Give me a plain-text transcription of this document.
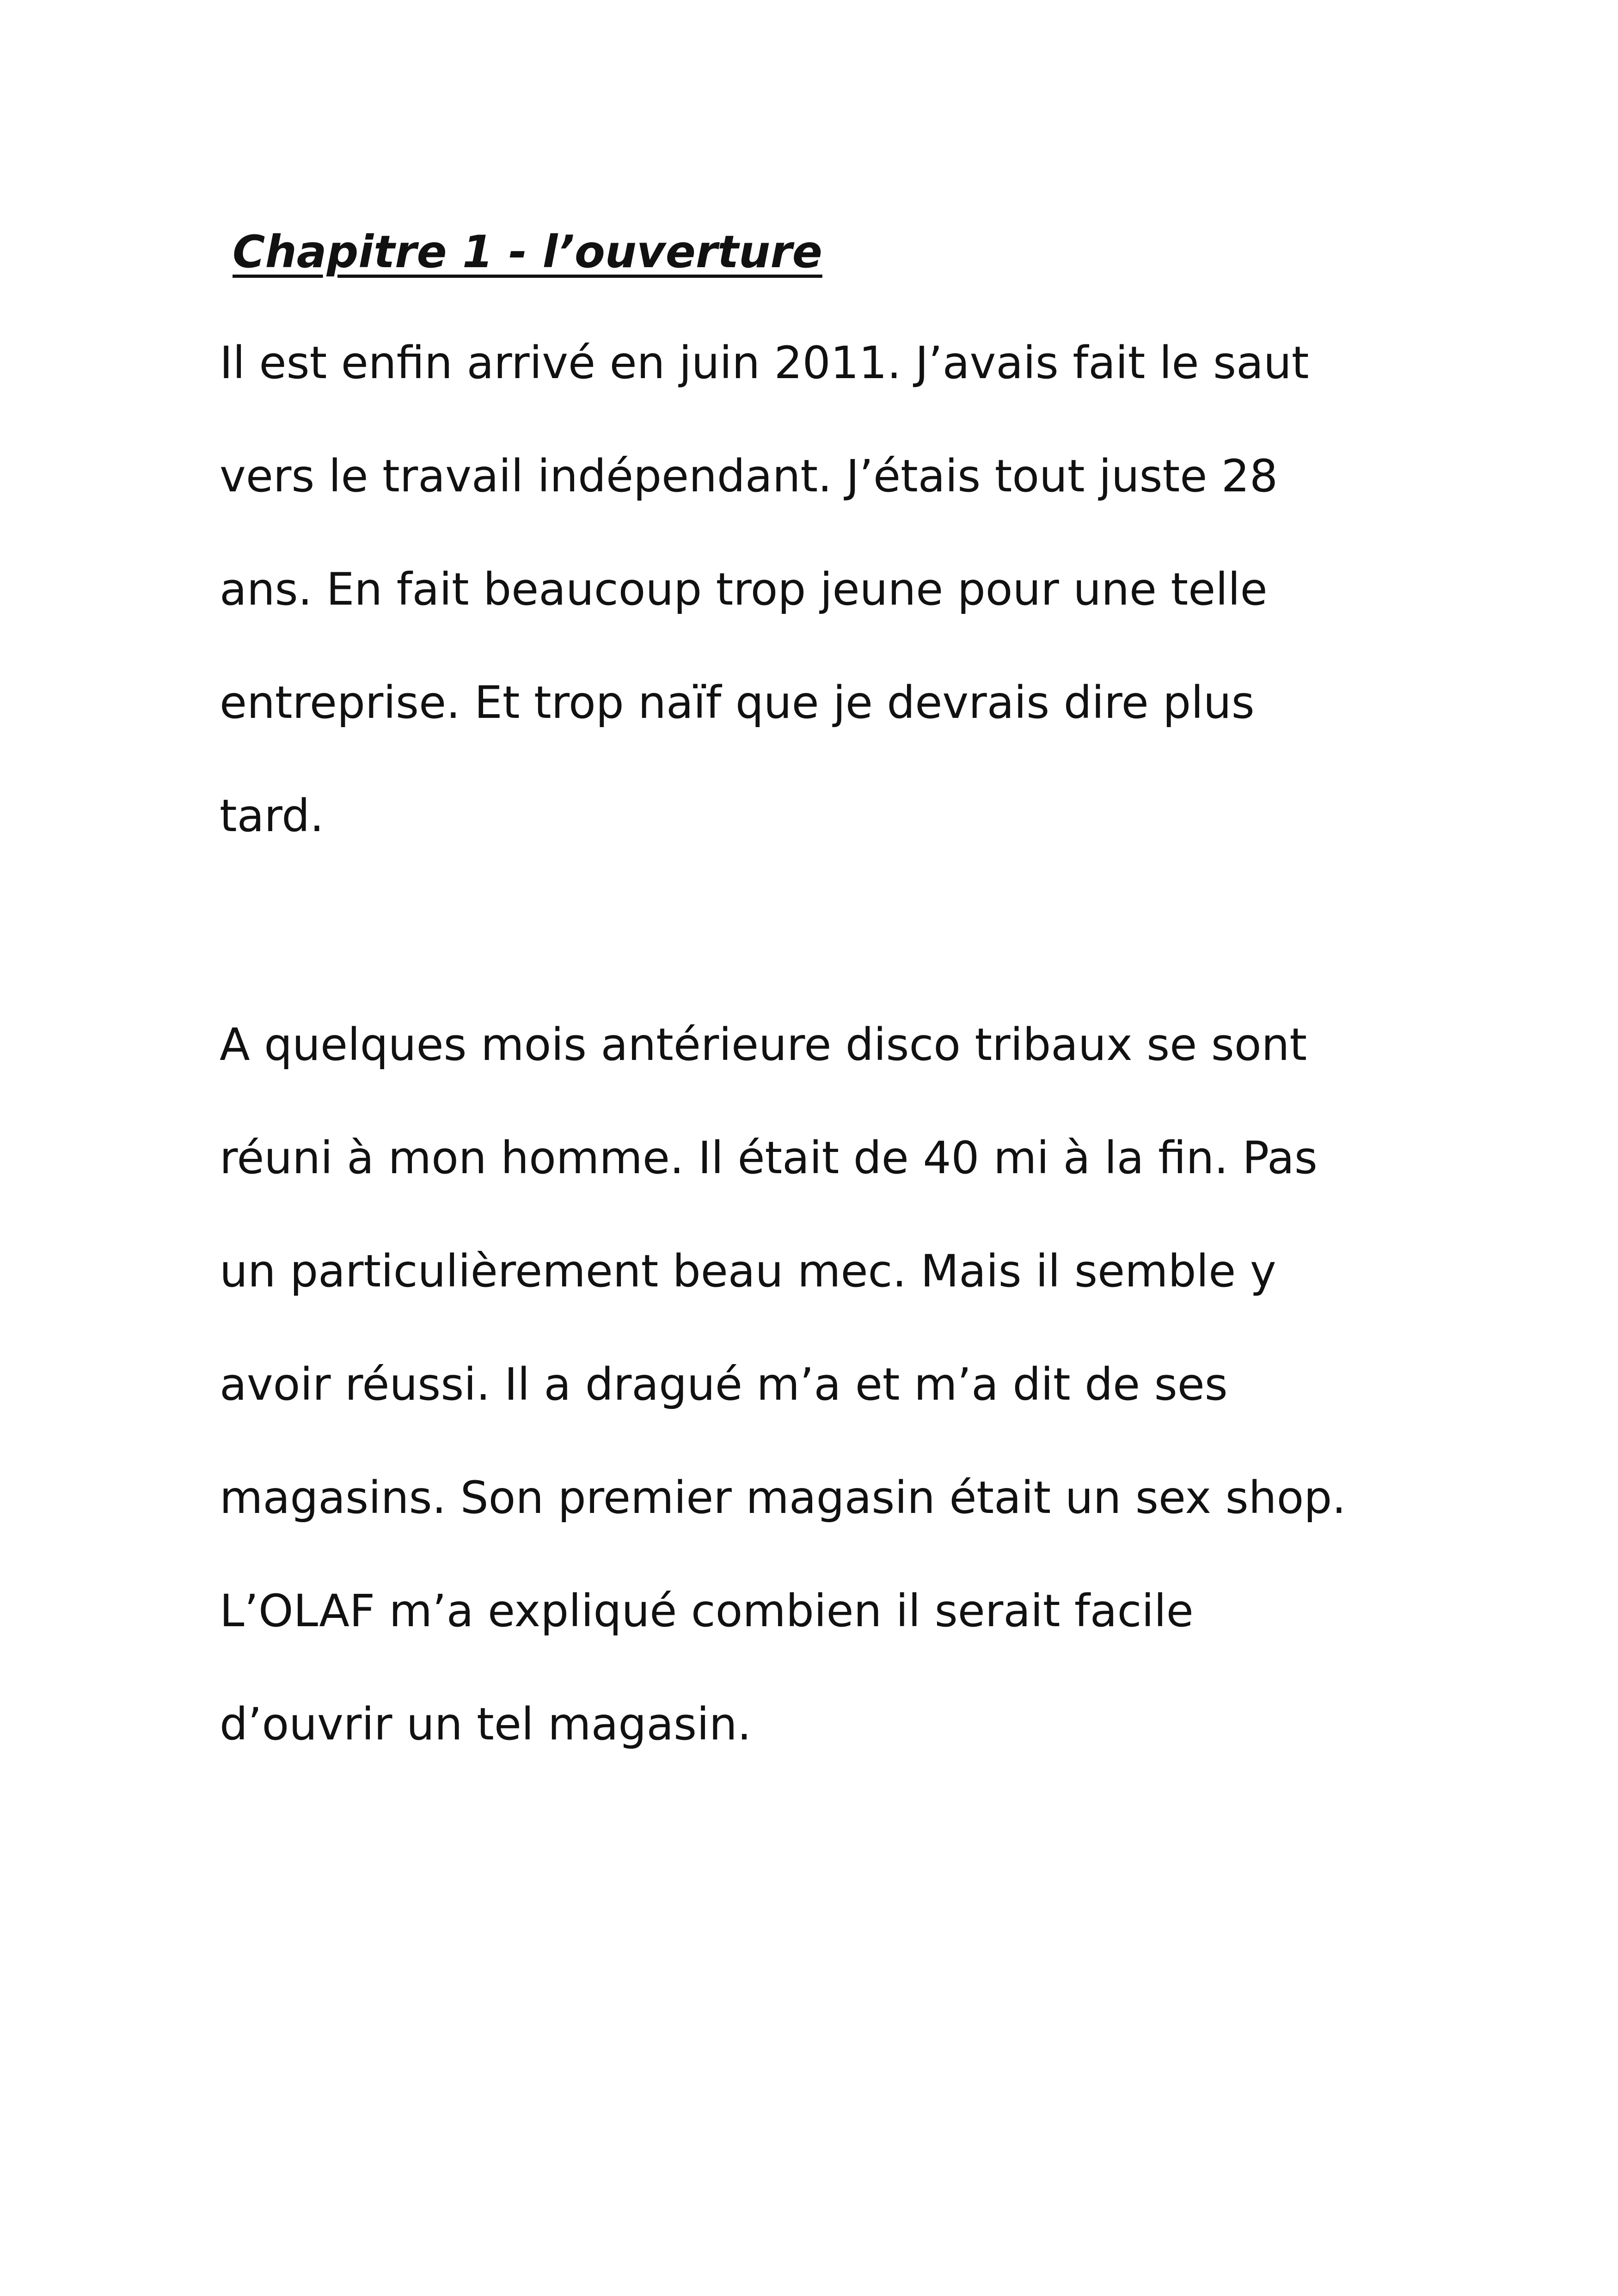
Chapitre 1 - l’ouverture

Il est enfin arrivé en juin 2011. J’avais fait le saut
vers le travail indépendant. J’étais tout juste 28
ans. En fait beaucoup trop jeune pour une telle
entreprise. Et trop naïf que je devrais dire plus
tard.

A quelques mois antérieure disco tribaux se sont
réuni à mon homme. Il était de 40 mi à la fin. Pas
un particulièrement beau mec. Mais il semble y
avoir réussi. Il a dragué m’a et m’a dit de ses
magasins. Son premier magasin était un sex shop.
L’OLAF m’a expliqué combien il serait facile
d’ouvrir un tel magasin.
